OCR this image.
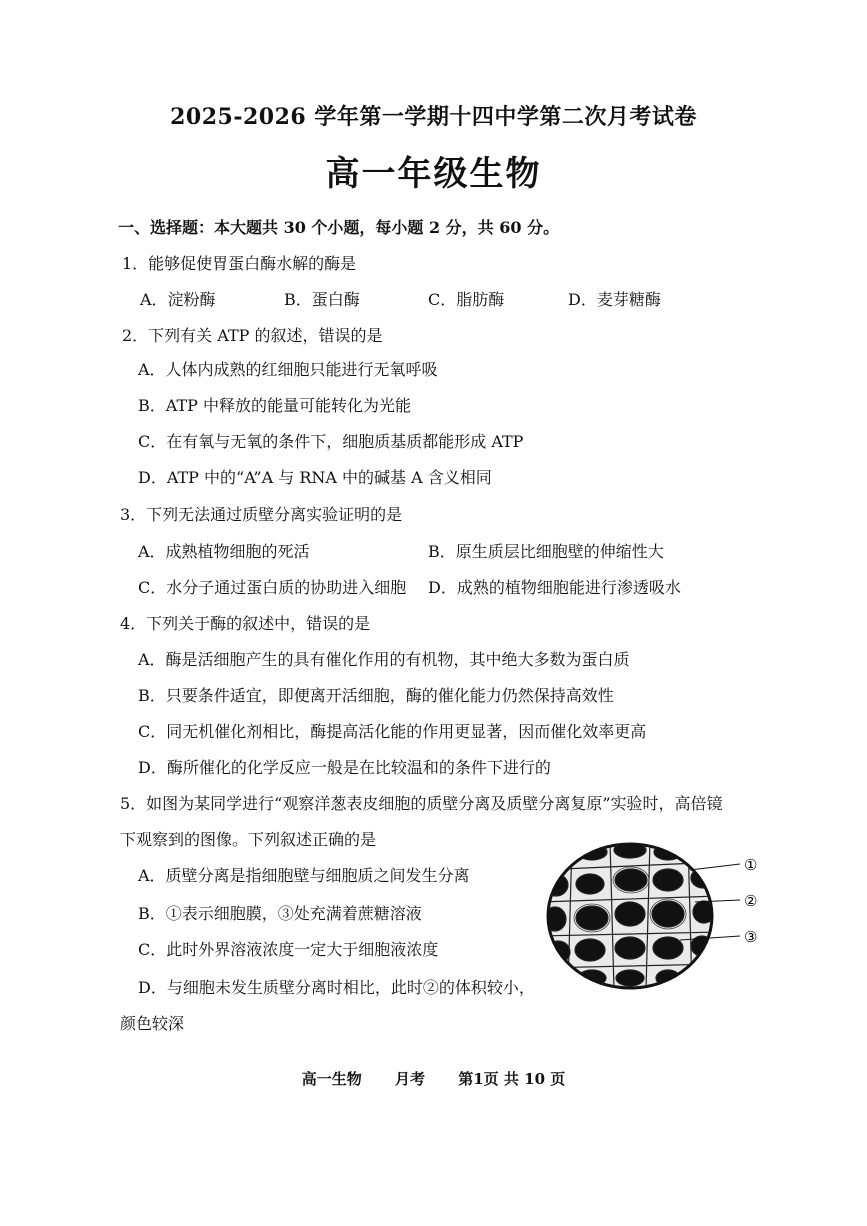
2025-2026 学年第一学期十四中学第二次月考试卷
高一年级生物
一、选择题：本大题共 30 个小题，每小题 2 分，共 60 分。
1．能够促使胃蛋白酶水解的酶是
A．淀粉酶	B．蛋白酶	C．脂肪酶	D．麦芽糖酶
2．下列有关 ATP 的叙述，错误的是
A．人体内成熟的红细胞只能进行无氧呼吸
B．ATP 中释放的能量可能转化为光能
C．在有氧与无氧的条件下，细胞质基质都能形成 ATP
D．ATP 中的“A”A 与 RNA 中的碱基 A 含义相同
3．下列无法通过质壁分离实验证明的是
A．成熟植物细胞的死活	B．原生质层比细胞壁的伸缩性大
C．水分子通过蛋白质的协助进入细胞 D．成熟的植物细胞能进行渗透吸水
4．下列关于酶的叙述中，错误的是
A．酶是活细胞产生的具有催化作用的有机物，其中绝大多数为蛋白质
B．只要条件适宜，即便离开活细胞，酶的催化能力仍然保持高效性
C．同无机催化剂相比，酶提高活化能的作用更显著，因而催化效率更高
D．酶所催化的化学反应一般是在比较温和的条件下进行的
5．如图为某同学进行“观察洋葱表皮细胞的质壁分离及质壁分离复原”实验时，高倍镜
下观察到的图像。下列叙述正确的是
A．质壁分离是指细胞壁与细胞质之间发生分离
B．①表示细胞膜，③处充满着蔗糖溶液
C．此时外界溶液浓度一定大于细胞液浓度
D．与细胞未发生质壁分离时相比，此时②的体积较小，
颜色较深
①
②
③
高一生物 月考 第1页 共 10 页
